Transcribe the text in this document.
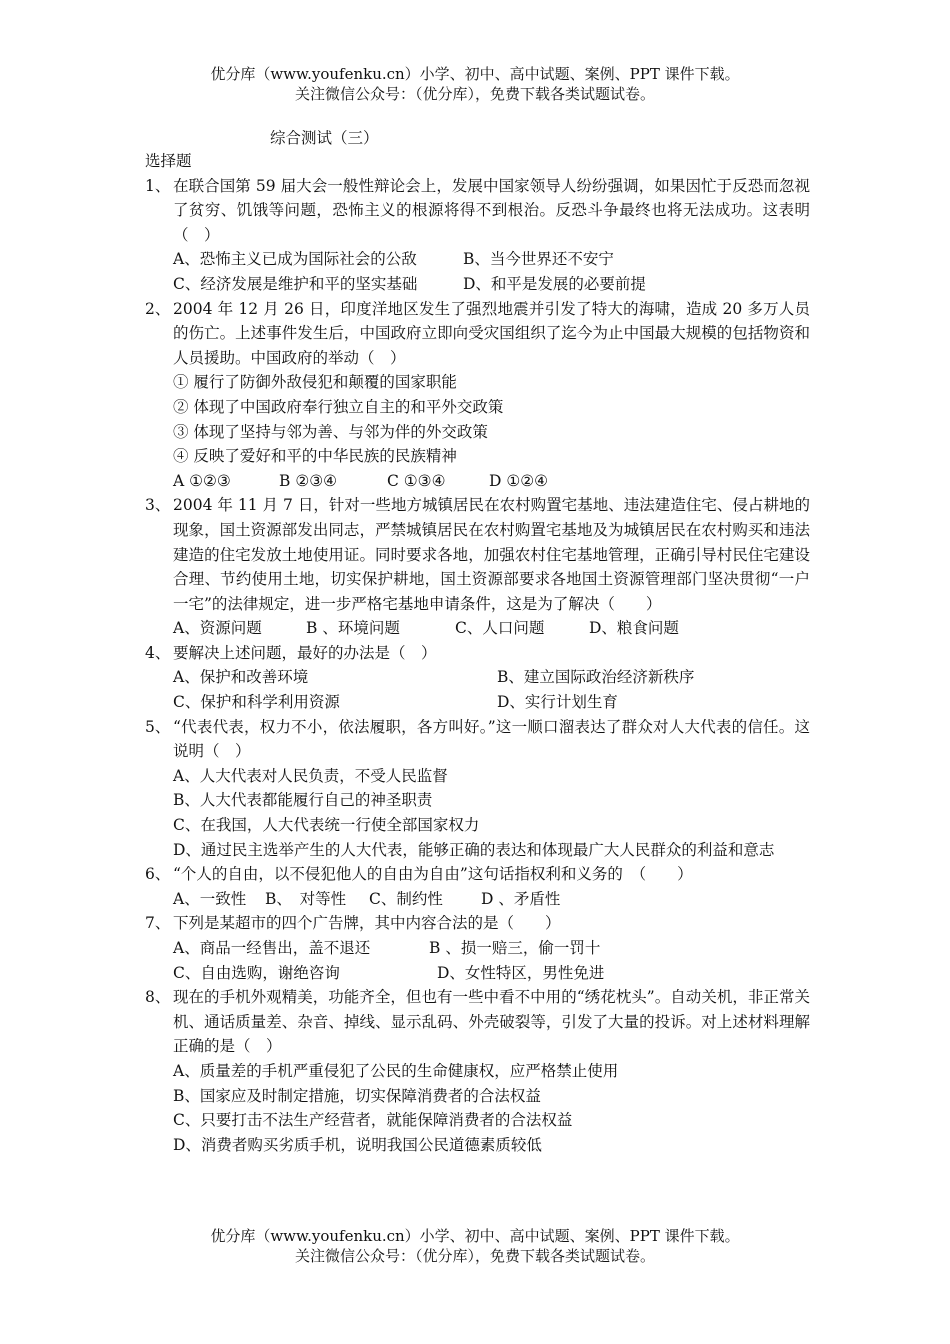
优分库（www.youfenku.cn）小学、初中、高中试题、案例、PPT 课件下载。
关注微信公众号：（优分库），免费下载各类试题试卷。
综合测试（三）
选择题
1、 在联合国第 59 届大会一般性辩论会上，发展中国家领导人纷纷强调，如果因忙于反恐而忽视了贫穷、饥饿等问题，恐怖主义的根源将得不到根治。反恐斗争最终也将无法成功。这表明（　）
A、恐怖主义已成为国际社会的公敌	B、当今世界还不安宁
C、经济发展是维护和平的坚实基础	D、和平是发展的必要前提
2、 2004 年 12 月 26 日，印度洋地区发生了强烈地震并引发了特大的海啸，造成 20 多万人员的伤亡。上述事件发生后，中国政府立即向受灾国组织了迄今为止中国最大规模的包括物资和人员援助。中国政府的举动（　）
① 履行了防御外敌侵犯和颠覆的国家职能
② 体现了中国政府奉行独立自主的和平外交政策
③ 体现了坚持与邻为善、与邻为伴的外交政策
④ 反映了爱好和平的中华民族的民族精神
A ①②③	B ②③④	C ①③④	D ①②④
3、 2004 年 11 月 7 日，针对一些地方城镇居民在农村购置宅基地、违法建造住宅、侵占耕地的现象，国土资源部发出同志，严禁城镇居民在农村购置宅基地及为城镇居民在农村购买和违法建造的住宅发放土地使用证。同时要求各地，加强农村住宅基地管理，正确引导村民住宅建设合理、节约使用土地，切实保护耕地，国土资源部要求各地国土资源管理部门坚决贯彻“一户一宅”的法律规定，进一步严格宅基地申请条件，这是为了解决（　　）
A、资源问题	B 、环境问题	C、人口问题	D、粮食问题
4、 要解决上述问题，最好的办法是（　）
A、保护和改善环境	B、建立国际政治经济新秩序
C、保护和科学利用资源	D、实行计划生育
5、 “代表代表，权力不小，依法履职，各方叫好。”这一顺口溜表达了群众对人大代表的信任。这说明（　）
A、人大代表对人民负责，不受人民监督
B、人大代表都能履行自己的神圣职责
C、在我国，人大代表统一行使全部国家权力
D、通过民主选举产生的人大代表，能够正确的表达和体现最广大人民群众的利益和意志
6、 “个人的自由，以不侵犯他人的自由为自由”这句话指权利和义务的　（　　）
A、一致性	B、　对等性	C、制约性	D 、矛盾性
7、 下列是某超市的四个广告牌，其中内容合法的是（　　）
A、商品一经售出，盖不退还	B 、损一赔三，偷一罚十
C、自由选购，谢绝咨询	D、女性特区，男性免进
8、 现在的手机外观精美，功能齐全，但也有一些中看不中用的“绣花枕头”。自动关机，非正常关机、通话质量差、杂音、掉线、显示乱码、外壳破裂等，引发了大量的投诉。对上述材料理解正确的是（　）
A、质量差的手机严重侵犯了公民的生命健康权，应严格禁止使用
B、国家应及时制定措施，切实保障消费者的合法权益
C、只要打击不法生产经营者，就能保障消费者的合法权益
D、消费者购买劣质手机，说明我国公民道德素质较低
优分库（www.youfenku.cn）小学、初中、高中试题、案例、PPT 课件下载。
关注微信公众号：（优分库），免费下载各类试题试卷。
